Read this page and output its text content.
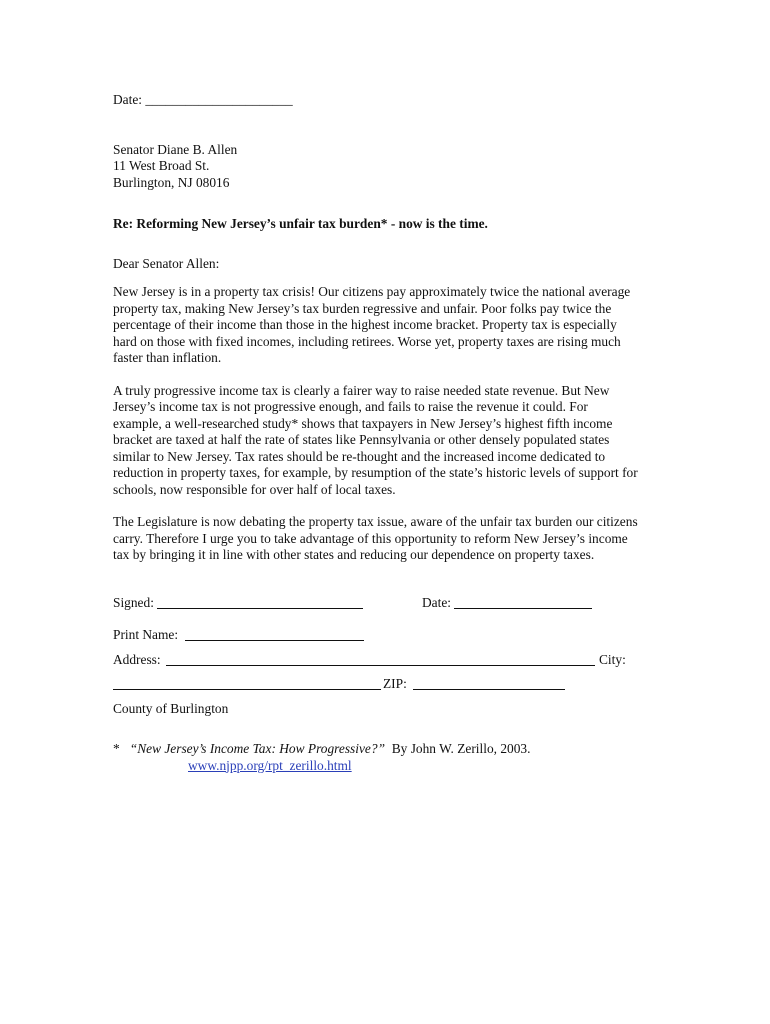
Date: ______________________
Senator Diane B. Allen
11 West Broad St.
Burlington, NJ 08016
Re: Reforming New Jersey’s unfair tax burden* - now is the time.
Dear Senator Allen:
New Jersey is in a property tax crisis! Our citizens pay approximately twice the national average
property tax, making New Jersey’s tax burden regressive and unfair. Poor folks pay twice the
percentage of their income than those in the highest income bracket. Property tax is especially
hard on those with fixed incomes, including retirees. Worse yet, property taxes are rising much
faster than inflation.
A truly progressive income tax is clearly a fairer way to raise needed state revenue. But New
Jersey’s income tax is not progressive enough, and fails to raise the revenue it could. For
example, a well-researched study* shows that taxpayers in New Jersey’s highest fifth income
bracket are taxed at half the rate of states like Pennsylvania or other densely populated states
similar to New Jersey. Tax rates should be re-thought and the increased income dedicated to
reduction in property taxes, for example, by resumption of the state’s historic levels of support for
schools, now responsible for over half of local taxes.
The Legislature is now debating the property tax issue, aware of the unfair tax burden our citizens
carry. Therefore I urge you to take advantage of this opportunity to reform New Jersey’s income
tax by bringing it in line with other states and reducing our dependence on property taxes.
Signed:	Date:
Print Name:
Address:	City:
ZIP:
County of Burlington
* “New Jersey’s Income Tax: How Progressive?” By John W. Zerillo, 2003.
www.njpp.org/rpt_zerillo.html
